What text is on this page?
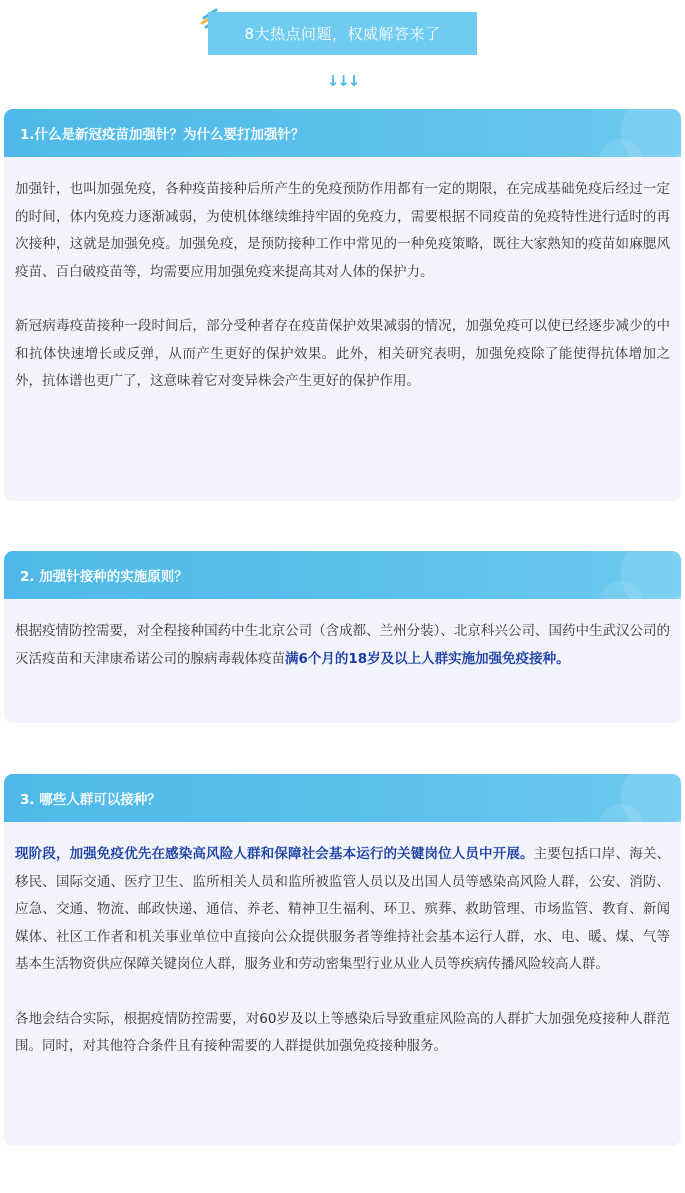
8大热点问题，权威解答来了
↓↓↓
1.什么是新冠疫苗加强针？为什么要打加强针？

加强针，也叫加强免疫，各种疫苗接种后所产生的免疫预防作用都有一定的期限，在完成基础免疫后经过一定的时间，体内免疫力逐渐减弱，为使机体继续维持牢固的免疫力，需要根据不同疫苗的免疫特性进行适时的再次接种，这就是加强免疫。加强免疫，是预防接种工作中常见的一种免疫策略，既往大家熟知的疫苗如麻腮风疫苗、百白破疫苗等，均需要应用加强免疫来提高其对人体的保护力。

新冠病毒疫苗接种一段时间后，部分受种者存在疫苗保护效果减弱的情况，加强免疫可以使已经逐步减少的中和抗体快速增长或反弹，从而产生更好的保护效果。此外，相关研究表明，加强免疫除了能使得抗体增加之外，抗体谱也更广了，这意味着它对变异株会产生更好的保护作用。

2. 加强针接种的实施原则？

根据疫情防控需要，对全程接种国药中生北京公司（含成都、兰州分装）、北京科兴公司、国药中生武汉公司的灭活疫苗和天津康希诺公司的腺病毒载体疫苗满6个月的18岁及以上人群实施加强免疫接种。

3. 哪些人群可以接种？

现阶段，加强免疫优先在感染高风险人群和保障社会基本运行的关键岗位人员中开展。主要包括口岸、海关、移民、国际交通、医疗卫生、监所相关人员和监所被监管人员以及出国人员等感染高风险人群，公安、消防、应急、交通、物流、邮政快递、通信、养老、精神卫生福利、环卫、殡葬、救助管理、市场监管、教育、新闻媒体、社区工作者和机关事业单位中直接向公众提供服务者等维持社会基本运行人群，水、电、暖、煤、气等基本生活物资供应保障关键岗位人群，服务业和劳动密集型行业从业人员等疾病传播风险较高人群。

各地会结合实际，根据疫情防控需要，对60岁及以上等感染后导致重症风险高的人群扩大加强免疫接种人群范围。同时，对其他符合条件且有接种需要的人群提供加强免疫接种服务。
